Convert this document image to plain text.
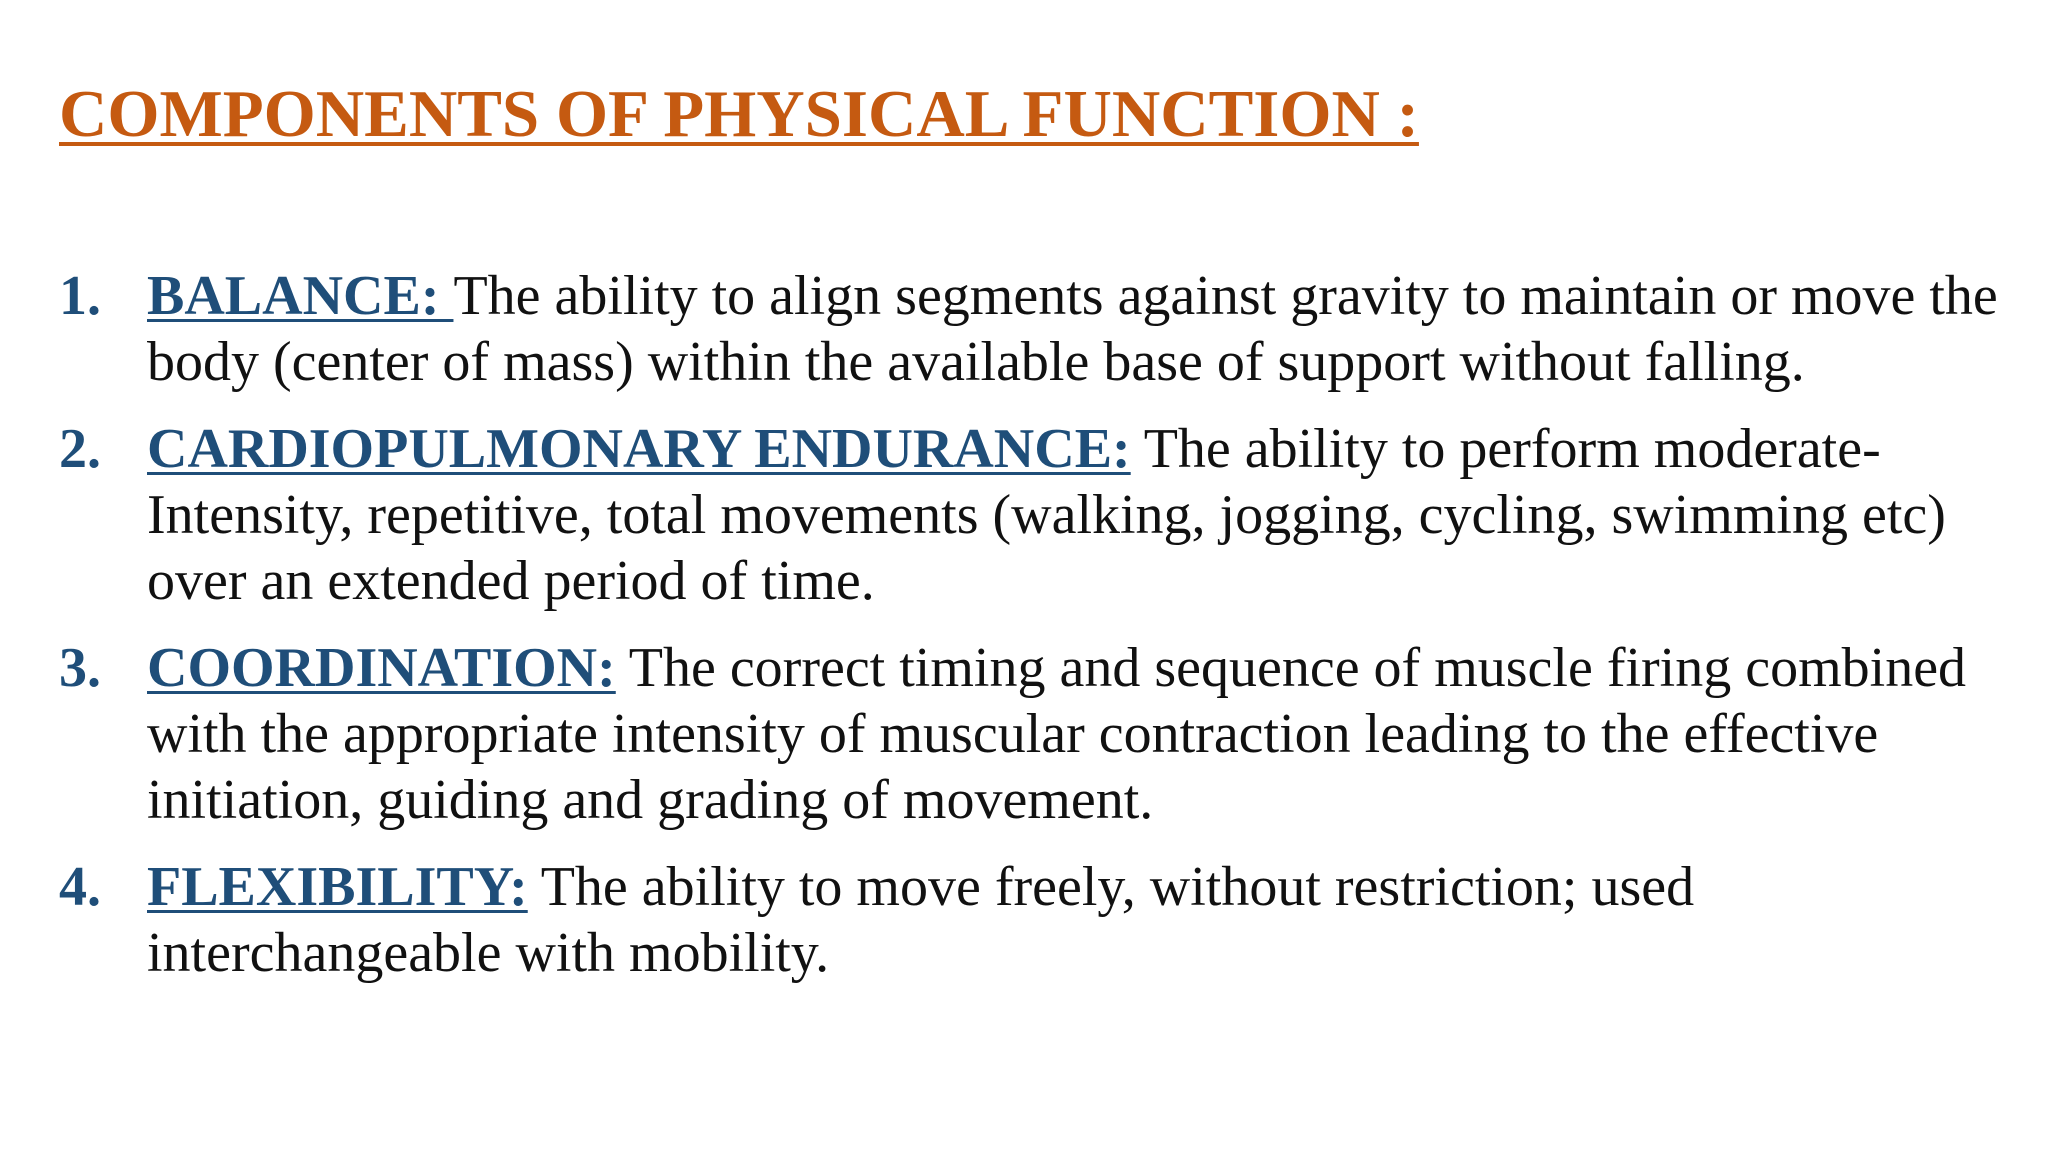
COMPONENTS OF PHYSICAL FUNCTION :
1. BALANCE: The ability to align segments against gravity to maintain or move the body (center of mass) within the available base of support without falling.
2. CARDIOPULMONARY ENDURANCE: The ability to perform moderate-Intensity, repetitive, total movements (walking, jogging, cycling, swimming etc) over an extended period of time.
3. COORDINATION: The correct timing and sequence of muscle firing combined with the appropriate intensity of muscular contraction leading to the effective initiation, guiding and grading of movement.
4. FLEXIBILITY: The ability to move freely, without restriction; used interchangeable with mobility.
